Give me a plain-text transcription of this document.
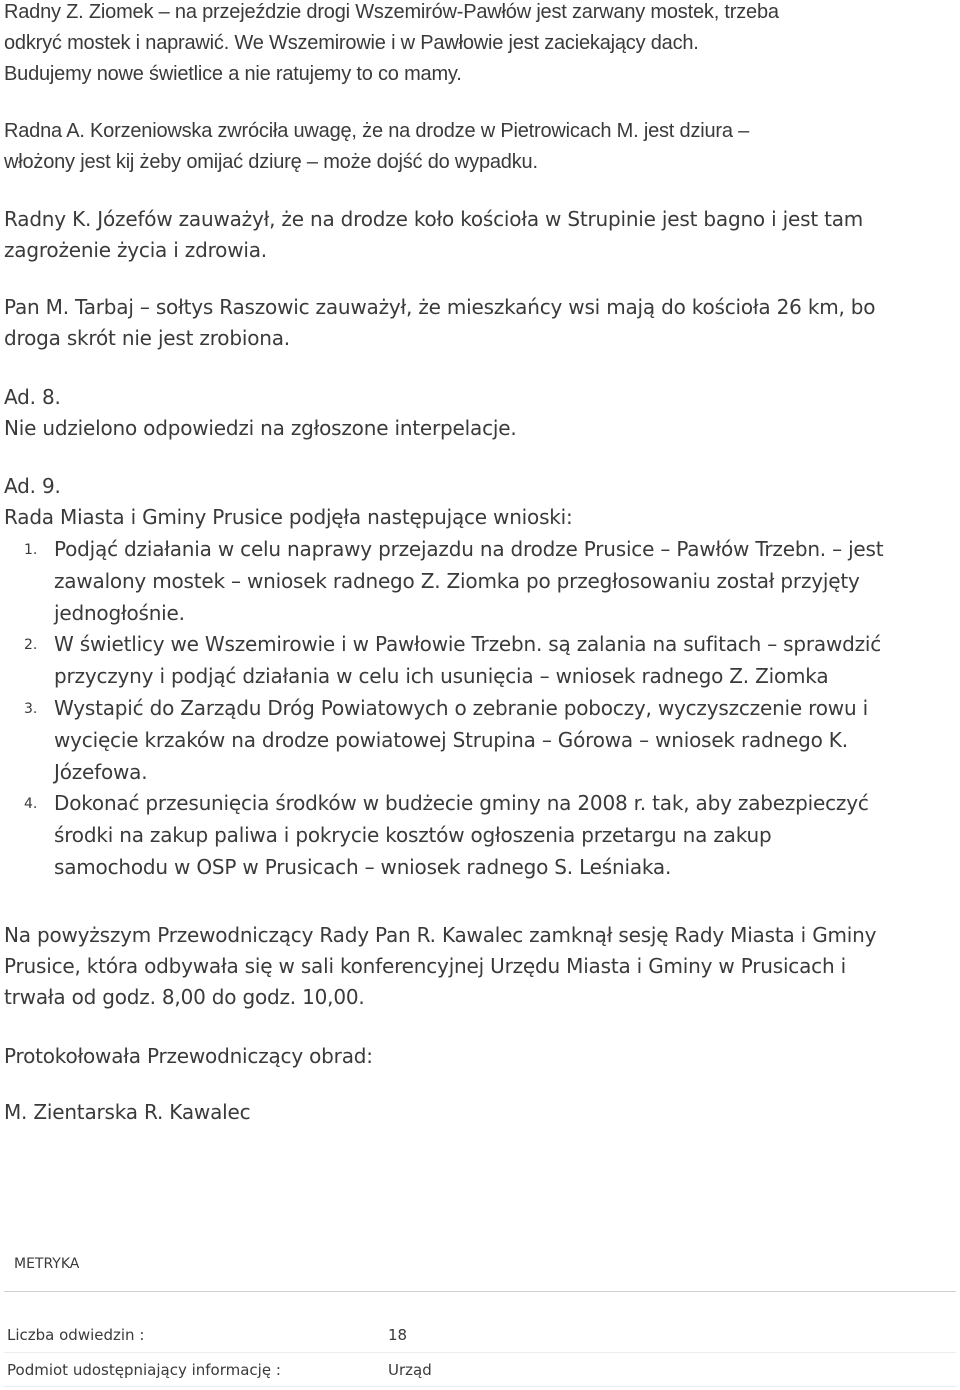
Radny Z. Ziomek – na przejeździe drogi Wszemirów-Pawłów jest zarwany mostek, trzeba
odkryć mostek i naprawić. We Wszemirowie i w Pawłowie jest zaciekający dach.
Budujemy nowe świetlice a nie ratujemy to co mamy.

Radna A. Korzeniowska zwróciła uwagę, że na drodze w Pietrowicach M. jest dziura –
włożony jest kij żeby omijać dziurę – może dojść do wypadku.

Radny K. Józefów zauważył, że na drodze koło kościoła w Strupinie jest bagno i jest tam
zagrożenie życia i zdrowia.

Pan M. Tarbaj – sołtys Raszowic zauważył, że mieszkańcy wsi mają do kościoła 26 km, bo
droga skrót nie jest zrobiona.

Ad. 8.
Nie udzielono odpowiedzi na zgłoszone interpelacje.

Ad. 9.
Rada Miasta i Gminy Prusice podjęła następujące wnioski:

1. Podjąć działania w celu naprawy przejazdu na drodze Prusice – Pawłów Trzebn. – jest
zawalony mostek – wniosek radnego Z. Ziomka po przegłosowaniu został przyjęty
jednogłośnie.
2. W świetlicy we Wszemirowie i w Pawłowie Trzebn. są zalania na sufitach – sprawdzić
przyczyny i podjąć działania w celu ich usunięcia – wniosek radnego Z. Ziomka
3. Wystapić do Zarządu Dróg Powiatowych o zebranie poboczy, wyczyszczenie rowu i
wycięcie krzaków na drodze powiatowej Strupina – Górowa – wniosek radnego K.
Józefowa.
4. Dokonać przesunięcia środków w budżecie gminy na 2008 r. tak, aby zabezpieczyć
środki na zakup paliwa i pokrycie kosztów ogłoszenia przetargu na zakup
samochodu w OSP w Prusicach – wniosek radnego S. Leśniaka.

Na powyższym Przewodniczący Rady Pan R. Kawalec zamknął sesję Rady Miasta i Gminy
Prusice, która odbywała się w sali konferencyjnej Urzędu Miasta i Gminy w Prusicach i
trwała od godz. 8,00 do godz. 10,00.

Protokołowała Przewodniczący obrad:

M. Zientarska R. Kawalec

METRYKA
Liczba odwiedzin :	18
Podmiot udostępniający informację :	Urząd
